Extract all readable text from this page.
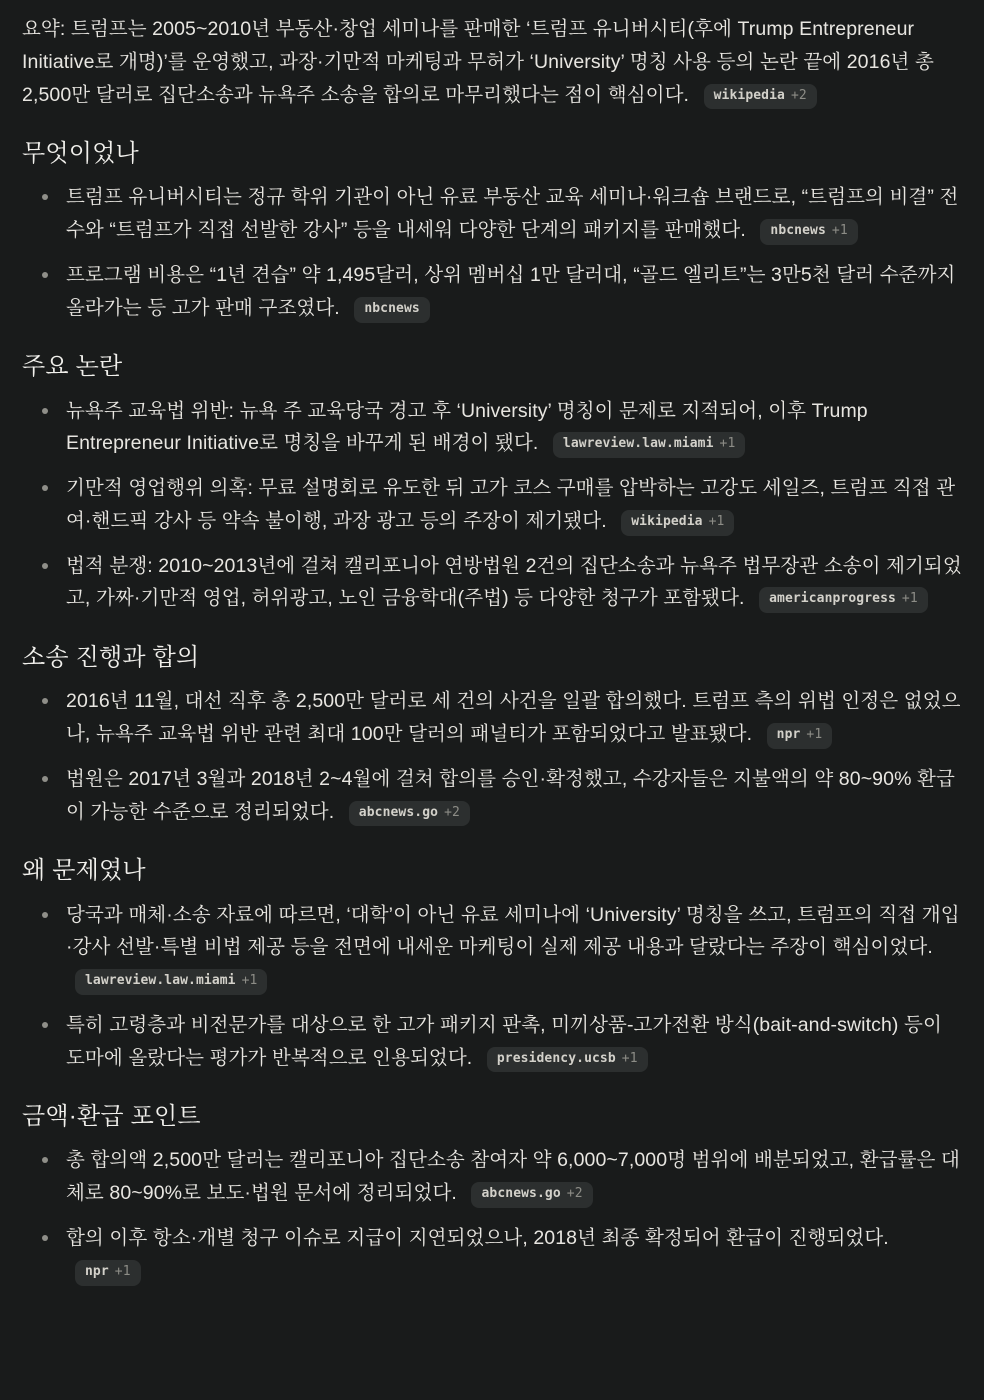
요약: 트럼프는 2005~2010년 부동산·창업 세미나를 판매한 ‘트럼프 유니버시티(후에 Trump Entrepreneur Initiative로 개명)’를 운영했고, 과장·기만적 마케팅과 무허가 ‘University’ 명칭 사용 등의 논란 끝에 2016년 총 2,500만 달러로 집단소송과 뉴욕주 소송을 합의로 마무리했다는 점이 핵심이다. wikipedia +2

무엇이었나
트럼프 유니버시티는 정규 학위 기관이 아닌 유료 부동산 교육 세미나·워크숍 브랜드로, “트럼프의 비결” 전수와 “트럼프가 직접 선발한 강사” 등을 내세워 다양한 단계의 패키지를 판매했다. nbcnews +1
프로그램 비용은 “1년 견습” 약 1,495달러, 상위 멤버십 1만 달러대, “골드 엘리트”는 3만5천 달러 수준까지 올라가는 등 고가 판매 구조였다. nbcnews
주요 논란
뉴욕주 교육법 위반: 뉴욕 주 교육당국 경고 후 ‘University’ 명칭이 문제로 지적되어, 이후 Trump Entrepreneur Initiative로 명칭을 바꾸게 된 배경이 됐다. lawreview.law.miami +1
기만적 영업행위 의혹: 무료 설명회로 유도한 뒤 고가 코스 구매를 압박하는 고강도 세일즈, 트럼프 직접 관여·핸드픽 강사 등 약속 불이행, 과장 광고 등의 주장이 제기됐다. wikipedia +1
법적 분쟁: 2010~2013년에 걸쳐 캘리포니아 연방법원 2건의 집단소송과 뉴욕주 법무장관 소송이 제기되었고, 가짜·기만적 영업, 허위광고, 노인 금융학대(주법) 등 다양한 청구가 포함됐다. americanprogress +1
소송 진행과 합의
2016년 11월, 대선 직후 총 2,500만 달러로 세 건의 사건을 일괄 합의했다. 트럼프 측의 위법 인정은 없었으나, 뉴욕주 교육법 위반 관련 최대 100만 달러의 패널티가 포함되었다고 발표됐다. npr +1
법원은 2017년 3월과 2018년 2~4월에 걸쳐 합의를 승인·확정했고, 수강자들은 지불액의 약 80~90% 환급이 가능한 수준으로 정리되었다. abcnews.go +2
왜 문제였나
당국과 매체·소송 자료에 따르면, ‘대학’이 아닌 유료 세미나에 ‘University’ 명칭을 쓰고, 트럼프의 직접 개입·강사 선발·특별 비법 제공 등을 전면에 내세운 마케팅이 실제 제공 내용과 달랐다는 주장이 핵심이었다.
lawreview.law.miami +1
특히 고령층과 비전문가를 대상으로 한 고가 패키지 판촉, 미끼상품-고가전환 방식(bait-and-switch) 등이 도마에 올랐다는 평가가 반복적으로 인용되었다. presidency.ucsb +1
금액·환급 포인트
총 합의액 2,500만 달러는 캘리포니아 집단소송 참여자 약 6,000~7,000명 범위에 배분되었고, 환급률은 대체로 80~90%로 보도·법원 문서에 정리되었다. abcnews.go +2
합의 이후 항소·개별 청구 이슈로 지급이 지연되었으나, 2018년 최종 확정되어 환급이 진행되었다.
npr +1
